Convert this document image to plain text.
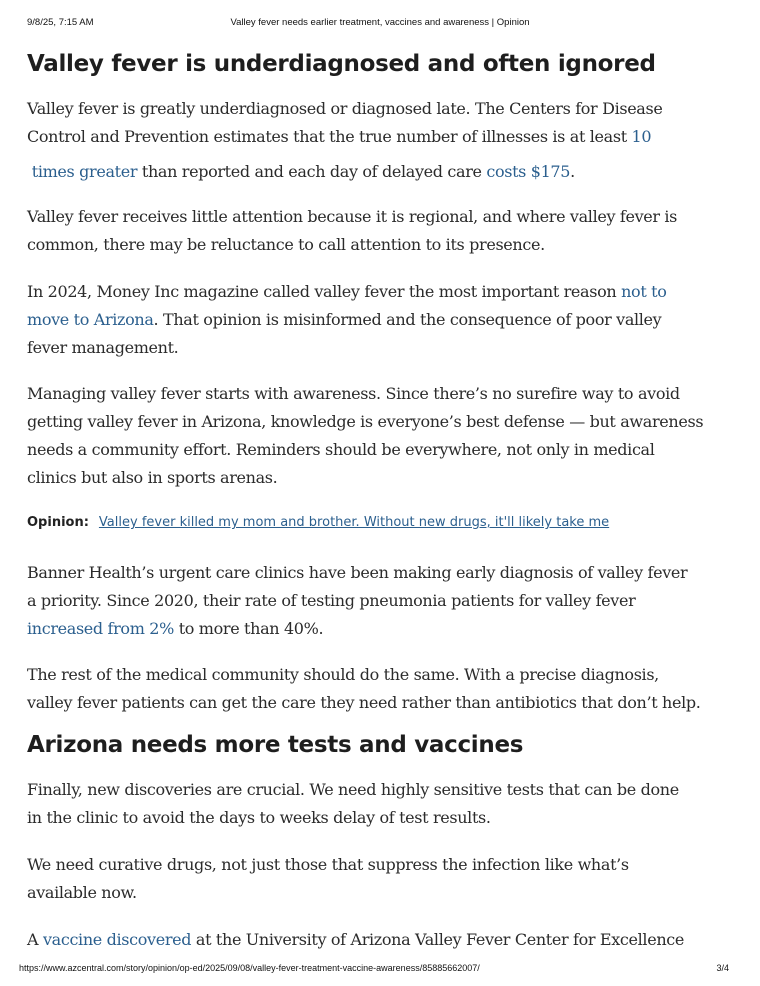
9/8/25, 7:15 AM	Valley fever needs earlier treatment, vaccines and awareness | Opinion
Valley fever is underdiagnosed and often ignored

Valley fever is greatly underdiagnosed or diagnosed late. The Centers for Disease
Control and Prevention estimates that the true number of illnesses is at least 10
times greater than reported and each day of delayed care costs $175.

Valley fever receives little attention because it is regional, and where valley fever is
common, there may be reluctance to call attention to its presence.

In 2024, Money Inc magazine called valley fever the most important reason not to
move to Arizona. That opinion is misinformed and the consequence of poor valley
fever management.

Managing valley fever starts with awareness. Since there’s no surefire way to avoid
getting valley fever in Arizona, knowledge is everyone’s best defense — but awareness
needs a community effort. Reminders should be everywhere, not only in medical
clinics but also in sports arenas.

Opinion: Valley fever killed my mom and brother. Without new drugs, it'll likely take me

Banner Health’s urgent care clinics have been making early diagnosis of valley fever
a priority. Since 2020, their rate of testing pneumonia patients for valley fever
increased from 2% to more than 40%.

The rest of the medical community should do the same. With a precise diagnosis,
valley fever patients can get the care they need rather than antibiotics that don’t help.

Arizona needs more tests and vaccines

Finally, new discoveries are crucial. We need highly sensitive tests that can be done
in the clinic to avoid the days to weeks delay of test results.

We need curative drugs, not just those that suppress the infection like what’s
available now.

A vaccine discovered at the University of Arizona Valley Fever Center for Excellence

https://www.azcentral.com/story/opinion/op-ed/2025/09/08/valley-fever-treatment-vaccine-awareness/85885662007/	3/4
